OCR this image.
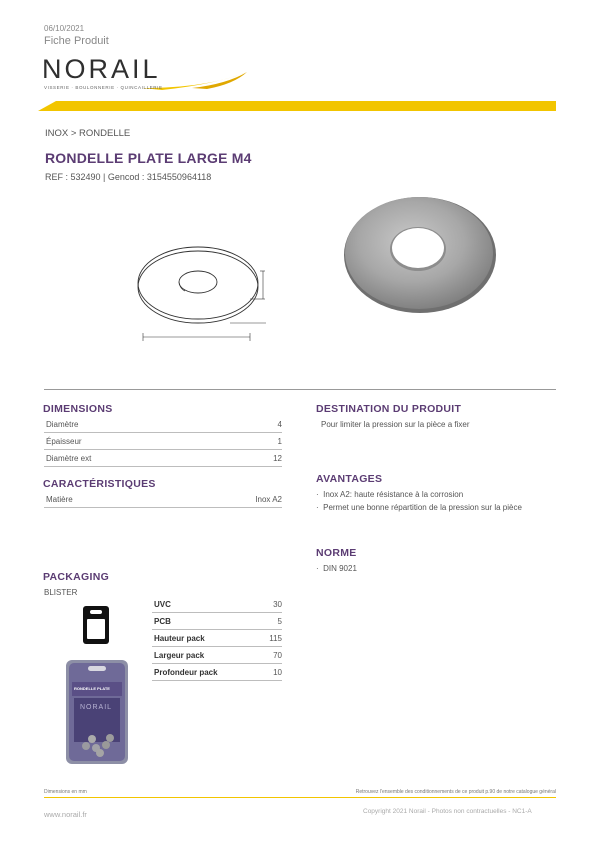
06/10/2021
Fiche Produit
NORAIL
VISSERIE · BOULONNERIE · QUINCAILLERIE
INOX > RONDELLE
RONDELLE PLATE LARGE M4
REF : 532490 | Gencod : 3154550964118
DIMENSIONS
Diamètre	4
Épaisseur	1
Diamètre ext	12
CARACTÉRISTIQUES
Matière	Inox A2
PACKAGING
BLISTER
RONDELLE PLATE
NORAIL
UVC	30
PCB	5
Hauteur pack	115
Largeur pack	70
Profondeur pack	10
DESTINATION DU PRODUIT
Pour limiter la pression sur la pièce a fixer
AVANTAGES
·  Inox A2: haute résistance à la corrosion
·  Permet une bonne répartition de la pression sur la pièce
NORME
·  DIN 9021
Dimensions en mm	Retrouvez l'ensemble des conditionnements de ce produit p.90 de notre catalogue général
www.norail.fr	Copyright 2021 Norail - Photos non contractuelles - NC1-A
